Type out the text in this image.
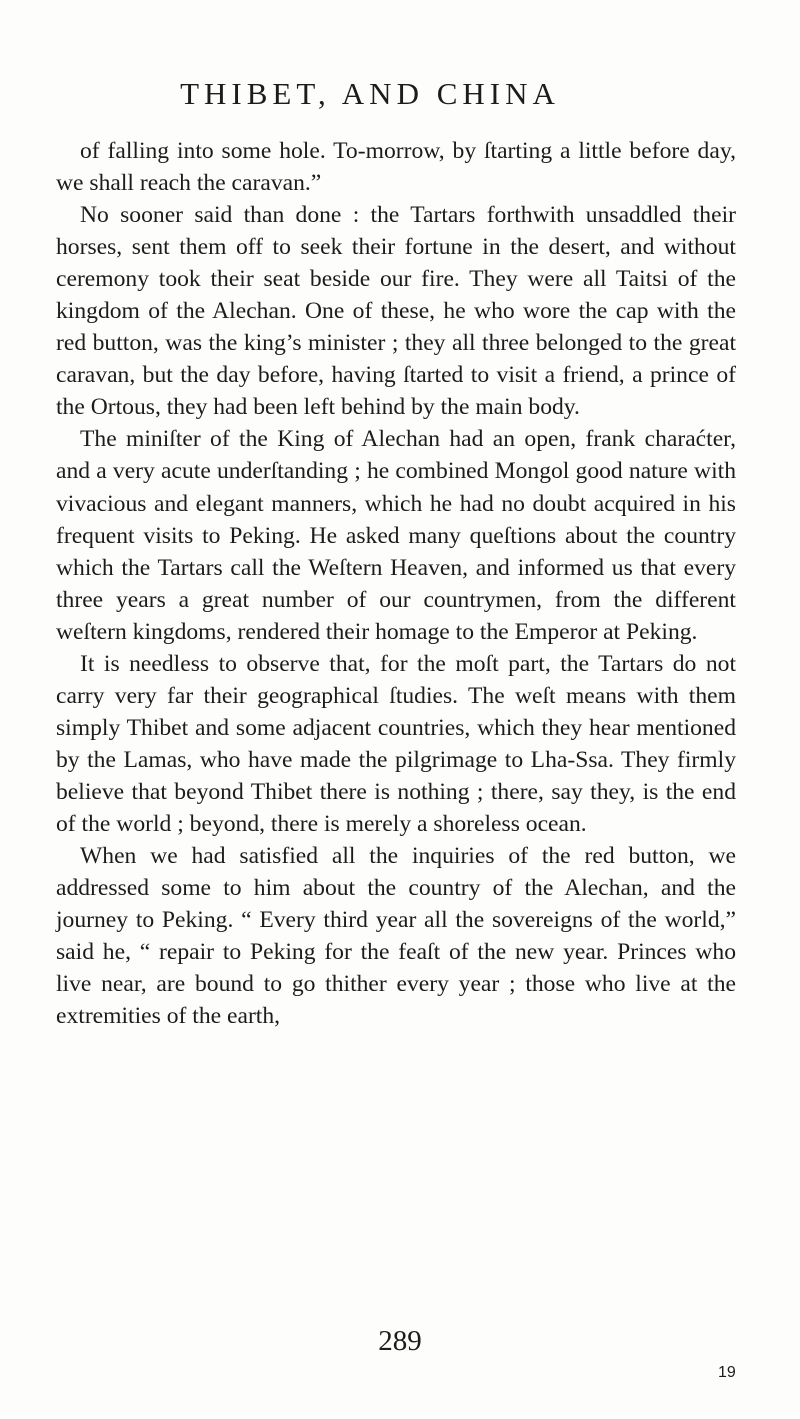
THIBET, AND CHINA

of falling into some hole. To-morrow, by ſtarting a little before day, we shall reach the caravan.”

No sooner said than done : the Tartars forthwith unsaddled their horses, sent them off to seek their fortune in the desert, and without ceremony took their seat beside our fire. They were all Taitsi of the kingdom of the Alechan. One of these, he who wore the cap with the red button, was the king’s minister ; they all three belonged to the great caravan, but the day before, having ſtarted to visit a friend, a prince of the Ortous, they had been left behind by the main body.

The miniſter of the King of Alechan had an open, frank charaćter, and a very acute underſtanding ; he combined Mongol good nature with vivacious and elegant manners, which he had no doubt acquired in his frequent visits to Peking. He asked many queſtions about the country which the Tartars call the Weſtern Heaven, and informed us that every three years a great number of our countrymen, from the different weſtern kingdoms, rendered their homage to the Emperor at Peking.

It is needless to observe that, for the moſt part, the Tartars do not carry very far their geographical ſtudies. The weſt means with them simply Thibet and some adjacent countries, which they hear mentioned by the Lamas, who have made the pilgrimage to Lha-Ssa. They firmly believe that beyond Thibet there is nothing ; there, say they, is the end of the world ; beyond, there is merely a shoreless ocean.

When we had satisfied all the inquiries of the red button, we addressed some to him about the country of the Alechan, and the journey to Peking. “ Every third year all the sovereigns of the world,” said he, “ repair to Peking for the feaſt of the new year. Princes who live near, are bound to go thither every year ; those who live at the extremities of the earth,

289
19
